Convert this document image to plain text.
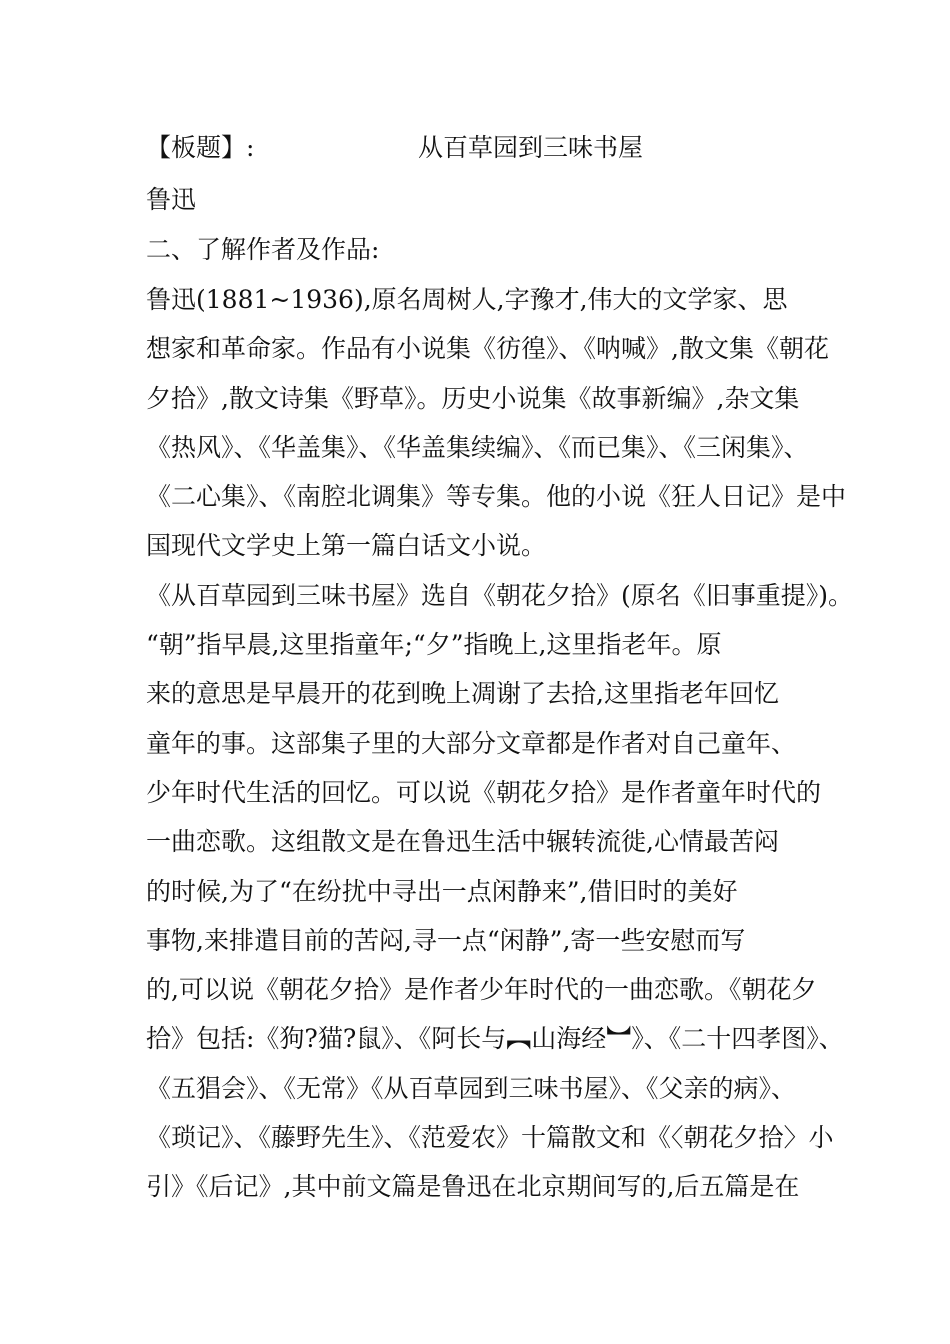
【板题】:	从百草园到三味书屋
鲁迅
二、了解作者及作品:
鲁迅(1881~1936),原名周树人,字豫才,伟大的文学家、思
想家和革命家。作品有小说集《彷徨》、《呐喊》,散文集《朝花
夕拾》,散文诗集《野草》。历史小说集《故事新编》,杂文集
《热风》、《华盖集》、《华盖集续编》、《而已集》、《三闲集》、
《二心集》、《南腔北调集》等专集。他的小说《狂人日记》是中
国现代文学史上第一篇白话文小说。
《从百草园到三味书屋》选自《朝花夕拾》(原名《旧事重提》)。
“朝”指早晨,这里指童年;“夕”指晚上,这里指老年。原
来的意思是早晨开的花到晚上凋谢了去拾,这里指老年回忆
童年的事。这部集子里的大部分文章都是作者对自己童年、
少年时代生活的回忆。可以说《朝花夕拾》是作者童年时代的
一曲恋歌。这组散文是在鲁迅生活中辗转流徙,心情最苦闷
的时候,为了“在纷扰中寻出一点闲静来”,借旧时的美好
事物,来排遣目前的苦闷,寻一点“闲静”,寄一些安慰而写
的,可以说《朝花夕拾》是作者少年时代的一曲恋歌。《朝花夕
拾》包括:《狗?猫?鼠》、《阿长与︻山海经︼》、《二十四孝图》、
《五猖会》、《无常》《从百草园到三味书屋》、《父亲的病》、
《琐记》、《藤野先生》、《范爱农》十篇散文和《〈朝花夕拾〉小
引》《后记》,其中前文篇是鲁迅在北京期间写的,后五篇是在
